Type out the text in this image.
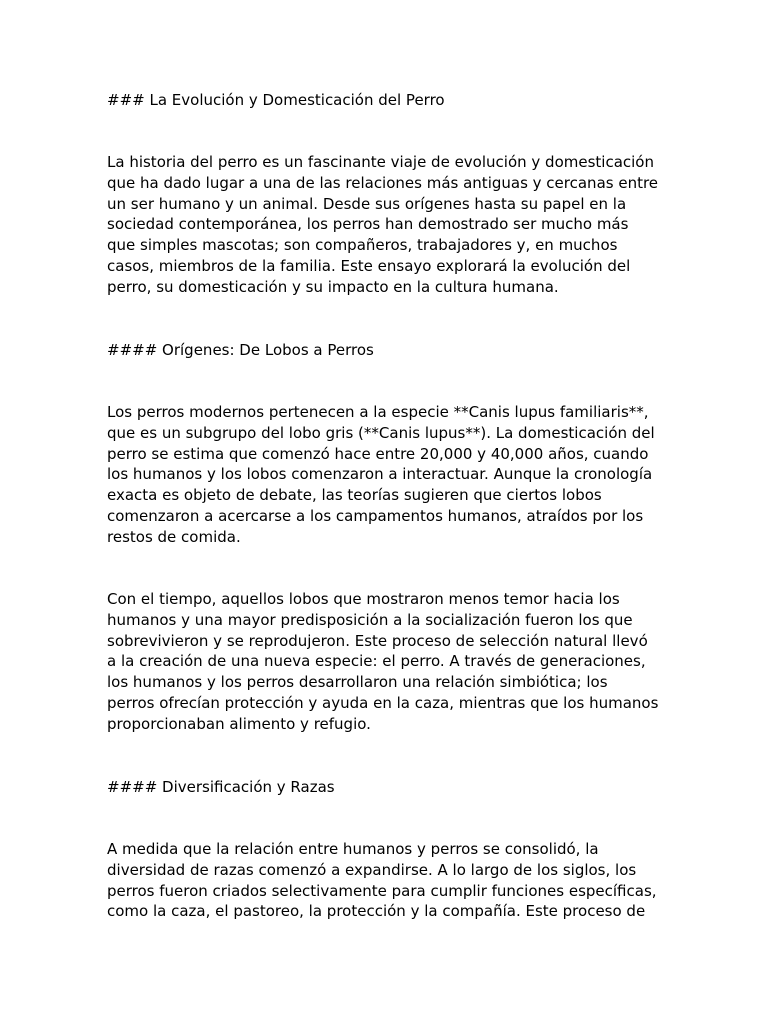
### La Evolución y Domesticación del Perro

La historia del perro es un fascinante viaje de evolución y domesticación
que ha dado lugar a una de las relaciones más antiguas y cercanas entre
un ser humano y un animal. Desde sus orígenes hasta su papel en la
sociedad contemporánea, los perros han demostrado ser mucho más
que simples mascotas; son compañeros, trabajadores y, en muchos
casos, miembros de la familia. Este ensayo explorará la evolución del
perro, su domesticación y su impacto en la cultura humana.

#### Orígenes: De Lobos a Perros

Los perros modernos pertenecen a la especie **Canis lupus familiaris**,
que es un subgrupo del lobo gris (**Canis lupus**). La domesticación del
perro se estima que comenzó hace entre 20,000 y 40,000 años, cuando
los humanos y los lobos comenzaron a interactuar. Aunque la cronología
exacta es objeto de debate, las teorías sugieren que ciertos lobos
comenzaron a acercarse a los campamentos humanos, atraídos por los
restos de comida.

Con el tiempo, aquellos lobos que mostraron menos temor hacia los
humanos y una mayor predisposición a la socialización fueron los que
sobrevivieron y se reprodujeron. Este proceso de selección natural llevó
a la creación de una nueva especie: el perro. A través de generaciones,
los humanos y los perros desarrollaron una relación simbiótica; los
perros ofrecían protección y ayuda en la caza, mientras que los humanos
proporcionaban alimento y refugio.

#### Diversificación y Razas

A medida que la relación entre humanos y perros se consolidó, la
diversidad de razas comenzó a expandirse. A lo largo de los siglos, los
perros fueron criados selectivamente para cumplir funciones específicas,
como la caza, el pastoreo, la protección y la compañía. Este proceso de
